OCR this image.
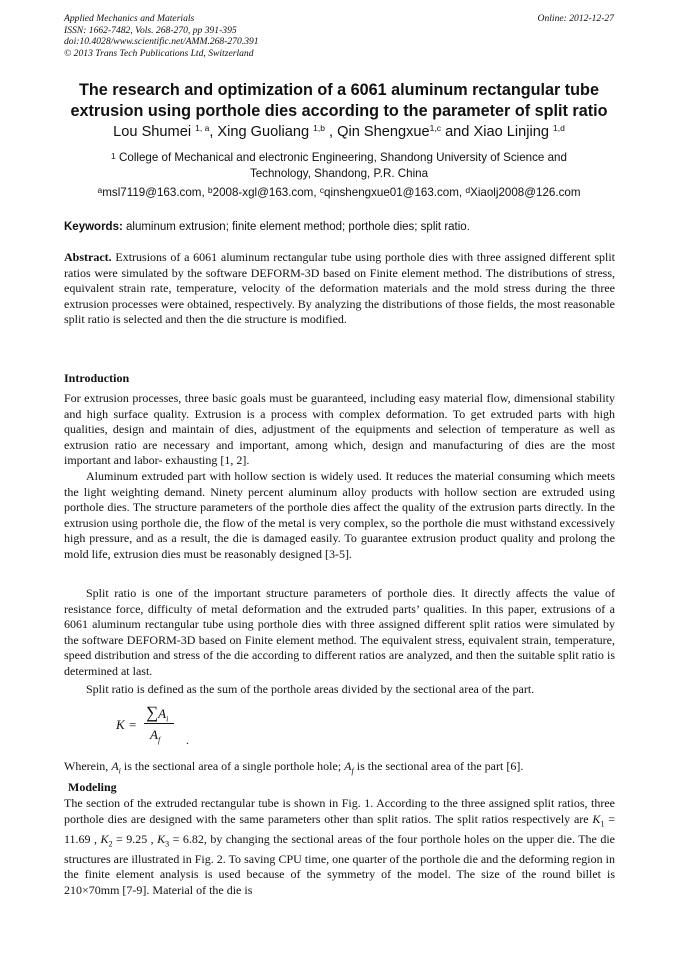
Applied Mechanics and Materials
ISSN: 1662-7482, Vols. 268-270, pp 391-395
doi:10.4028/www.scientific.net/AMM.268-270.391
© 2013 Trans Tech Publications Ltd, Switzerland
Online: 2012-12-27
The research and optimization of a 6061 aluminum rectangular tube
extrusion using porthole dies according to the parameter of split ratio
Lou Shumei $^{1, a}$, Xing Guoliang $^{1,b}$ , Qin Shengxue$^{1,c}$ and Xiao Linjing $^{1,d}$
$^1$ College of Mechanical and electronic Engineering, Shandong University of Science and
Technology, Shandong, P.R. China
$^a$msl7119@163.com, $^b$2008-xgl@163.com, $^c$qinshengxue01@163.com, $^d$Xiaolj2008@126.com
Keywords: aluminum extrusion; finite element method; porthole dies; split ratio.

Abstract. Extrusions of a 6061 aluminum rectangular tube using porthole dies with three assigned different split ratios were simulated by the software DEFORM-3D based on Finite element method. The distributions of stress, equivalent strain rate, temperature, velocity of the deformation materials and the mold stress during the three extrusion processes were obtained, respectively. By analyzing the distributions of those fields, the most reasonable split ratio is selected and then the die structure is modified.

Introduction

For extrusion processes, three basic goals must be guaranteed, including easy material flow, dimensional stability and high surface quality. Extrusion is a process with complex deformation. To get extruded parts with high qualities, design and maintain of dies, adjustment of the equipments and selection of temperature as well as extrusion ratio are necessary and important, among which, design and manufacturing of dies are the most important and labor- exhausting [1, 2].

Aluminum extruded part with hollow section is widely used. It reduces the material consuming which meets the light weighting demand. Ninety percent aluminum alloy products with hollow section are extruded using porthole dies. The structure parameters of the porthole dies affect the quality of the extrusion parts directly. In the extrusion using porthole die, the flow of the metal is very complex, so the porthole die must withstand excessively high pressure, and as a result, the die is damaged easily. To guarantee extrusion product quality and prolong the mold life, extrusion dies must be reasonably designed [3-5].

Split ratio is one of the important structure parameters of porthole dies. It directly affects the value of resistance force, difficulty of metal deformation and the extruded parts’ qualities. In this paper, extrusions of a 6061 aluminum rectangular tube using porthole dies with three assigned different split ratios were simulated by the software DEFORM-3D based on Finite element method. The equivalent stress, equivalent strain, temperature, speed distribution and stress of the die according to different ratios are analyzed, and then the suitable split ratio is determined at last.

Split ratio is defined as the sum of the porthole areas divided by the sectional area of the part.

K =
$\sum A_i$
$A_f$ .

Wherein, $A_i$ is the sectional area of a single porthole hole; $A_f$ is the sectional area of the part [6].

Modeling

The section of the extruded rectangular tube is shown in Fig. 1. According to the three assigned split ratios, three porthole dies are designed with the same parameters other than split ratios. The split ratios respectively are $K_1 = 11.69$ , $K_2 = 9.25$ , $K_3 = 6.82$, by changing the sectional areas of the four porthole holes on the upper die. The die structures are illustrated in Fig. 2. To saving CPU time, one quarter of the porthole die and the deforming region in the finite element analysis is used because of the symmetry of the model. The size of the round billet is 210×70mm [7-9]. Material of the die is
